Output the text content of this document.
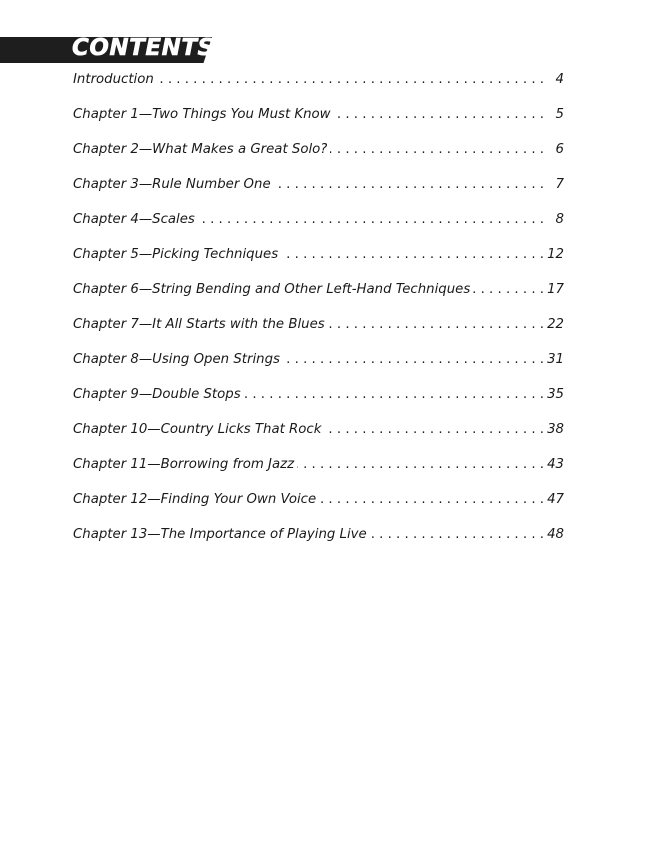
CONTENTS
Introduction . . .	4
Chapter 1—Two Things You Must Know . . .	5
Chapter 2—What Makes a Great Solo? . . .	6
Chapter 3—Rule Number One . . .	7
Chapter 4—Scales . . .	8
Chapter 5—Picking Techniques . . .	12
Chapter 6—String Bending and Other Left-Hand Techniques . . .	17
Chapter 7—It All Starts with the Blues . . .	22
Chapter 8—Using Open Strings . . .	31
Chapter 9—Double Stops . . .	35
Chapter 10—Country Licks That Rock . . .	38
Chapter 11—Borrowing from Jazz . . .	43
Chapter 12—Finding Your Own Voice . . .	47
Chapter 13—The Importance of Playing Live . . .	48
